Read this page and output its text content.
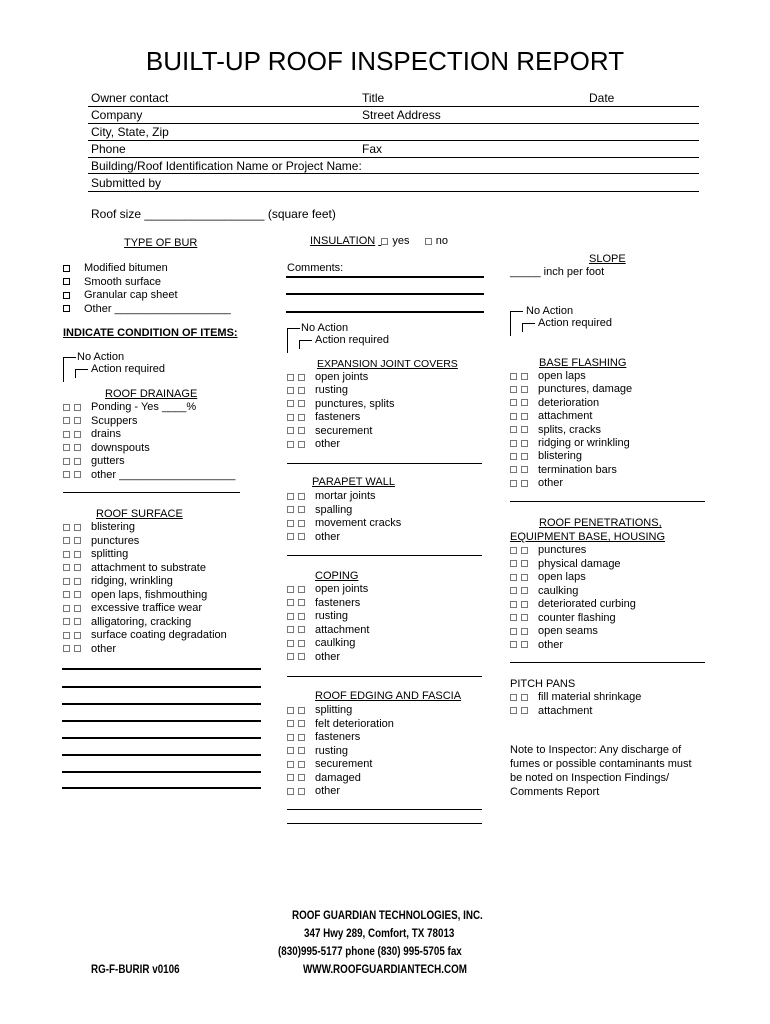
BUILT-UP ROOF INSPECTION REPORT
Owner contact	Title	Date
Company	Street Address
City, State, Zip
Phone	Fax
Building/Roof Identification Name or Project Name:
Submitted by
Roof size __________________ (square feet)
TYPE OF BUR
Modified bitumen
Smooth surface
Granular cap sheet
Other ___________________
INSULATION yes no
Comments:
SLOPE
_____ inch per foot
INDICATE CONDITION OF ITEMS:
No Action
Action required
No Action
Action required
No Action
Action required
ROOF DRAINAGE
Ponding - Yes ____%
Scuppers
drains
downspouts
gutters
other ___________________
ROOF SURFACE
blistering
punctures
splitting
attachment to substrate
ridging, wrinkling
open laps, fishmouthing
excessive traffice wear
alligatoring, cracking
surface coating degradation
other
EXPANSION JOINT COVERS
open joints
rusting
punctures, splits
fasteners
securement
other
PARAPET WALL
mortar joints
spalling
movement cracks
other
COPING
open joints
fasteners
rusting
attachment
caulking
other
ROOF EDGING AND FASCIA
splitting
felt deterioration
fasteners
rusting
securement
damaged
other
BASE FLASHING
open laps
punctures, damage
deterioration
attachment
splits, cracks
ridging or wrinkling
blistering
termination bars
other
ROOF PENETRATIONS,
EQUIPMENT BASE, HOUSING
punctures
physical damage
open laps
caulking
deteriorated curbing
counter flashing
open seams
other
PITCH PANS
fill material shrinkage
attachment
Note to Inspector: Any discharge of
fumes or possible contaminants must
be noted on Inspection Findings/
Comments Report
ROOF GUARDIAN TECHNOLOGIES, INC.
347 Hwy 289, Comfort, TX 78013
(830)995-5177 phone (830) 995-5705 fax
WWW.ROOFGUARDIANTECH.COM
RG-F-BURIR v0106
